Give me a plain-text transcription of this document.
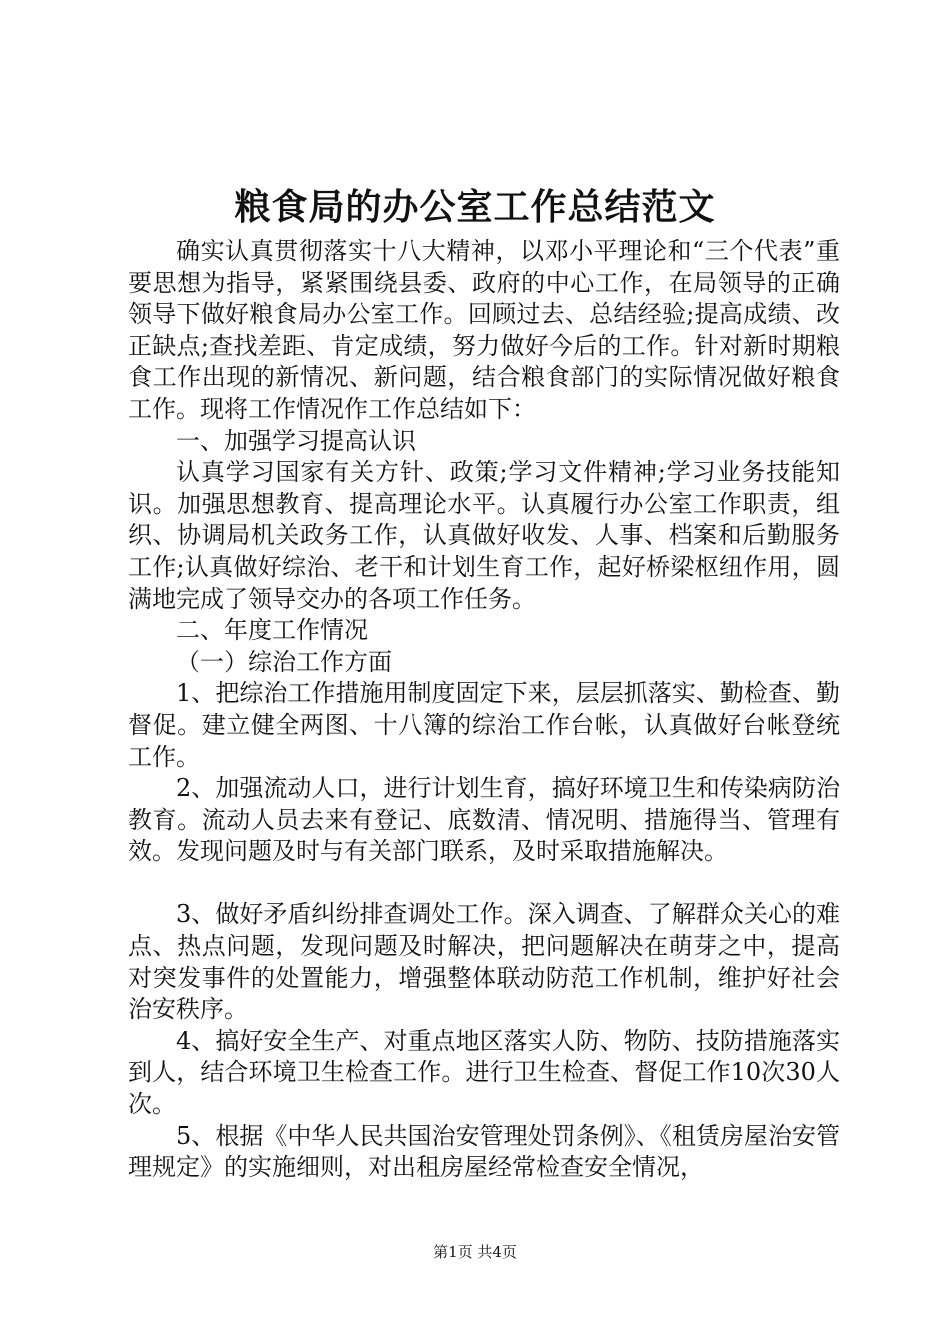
粮食局的办公室工作总结范文

确实认真贯彻落实十八大精神，以邓小平理论和“三个代表”重要思想为指导，紧紧围绕县委、政府的中心工作，在局领导的正确领导下做好粮食局办公室工作。回顾过去、总结经验;提高成绩、改正缺点;查找差距、肯定成绩，努力做好今后的工作。针对新时期粮食工作出现的新情况、新问题，结合粮食部门的实际情况做好粮食工作。现将工作情况作工作总结如下：

一、加强学习提高认识

认真学习国家有关方针、政策;学习文件精神;学习业务技能知识。加强思想教育、提高理论水平。认真履行办公室工作职责，组织、协调局机关政务工作，认真做好收发、人事、档案和后勤服务工作;认真做好综治、老干和计划生育工作，起好桥梁枢纽作用，圆满地完成了领导交办的各项工作任务。

二、年度工作情况

（一）综治工作方面

1、把综治工作措施用制度固定下来，层层抓落实、勤检查、勤督促。建立健全两图、十八簿的综治工作台帐，认真做好台帐登统工作。

2、加强流动人口，进行计划生育，搞好环境卫生和传染病防治教育。流动人员去来有登记、底数清、情况明、措施得当、管理有效。发现问题及时与有关部门联系，及时采取措施解决。

3、做好矛盾纠纷排查调处工作。深入调查、了解群众关心的难点、热点问题，发现问题及时解决，把问题解决在萌芽之中，提高对突发事件的处置能力，增强整体联动防范工作机制，维护好社会治安秩序。

4、搞好安全生产、对重点地区落实人防、物防、技防措施落实到人，结合环境卫生检查工作。进行卫生检查、督促工作10次30人次。

5、根据《中华人民共国治安管理处罚条例》、《租赁房屋治安管理规定》的实施细则，对出租房屋经常检查安全情况，

第1页 共4页
